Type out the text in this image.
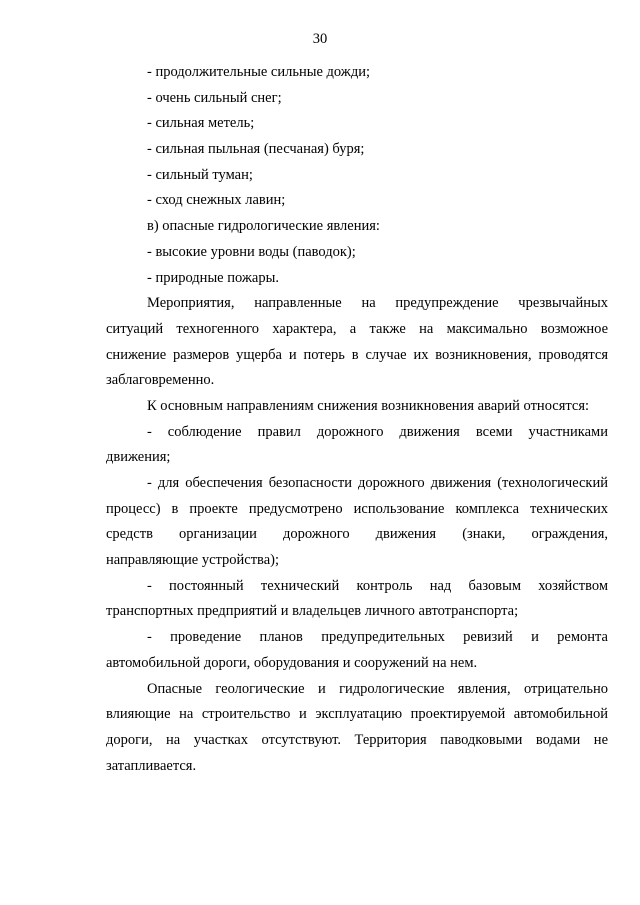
30
- продолжительные сильные дожди;
- очень сильный снег;
- сильная метель;
- сильная пыльная (песчаная) буря;
- сильный туман;
- сход снежных лавин;
в) опасные гидрологические явления:
- высокие уровни воды (паводок);
- природные пожары.
Мероприятия, направленные на предупреждение чрезвычайных
ситуаций техногенного характера, а также на максимально возможное
снижение размеров ущерба и потерь в случае их возникновения, проводятся
заблаговременно.
К основным направлениям снижения возникновения аварий относятся:
- соблюдение правил дорожного движения всеми участниками
движения;
- для обеспечения безопасности дорожного движения (технологический
процесс) в проекте предусмотрено использование комплекса технических
средств организации дорожного движения (знаки, ограждения,
направляющие устройства);
- постоянный технический контроль над базовым хозяйством
транспортных предприятий и владельцев личного автотранспорта;
- проведение планов предупредительных ревизий и ремонта
автомобильной дороги, оборудования и сооружений на нем.
Опасные геологические и гидрологические явления, отрицательно
влияющие на строительство и эксплуатацию проектируемой автомобильной
дороги, на участках отсутствуют. Территория паводковыми водами не
затапливается.
